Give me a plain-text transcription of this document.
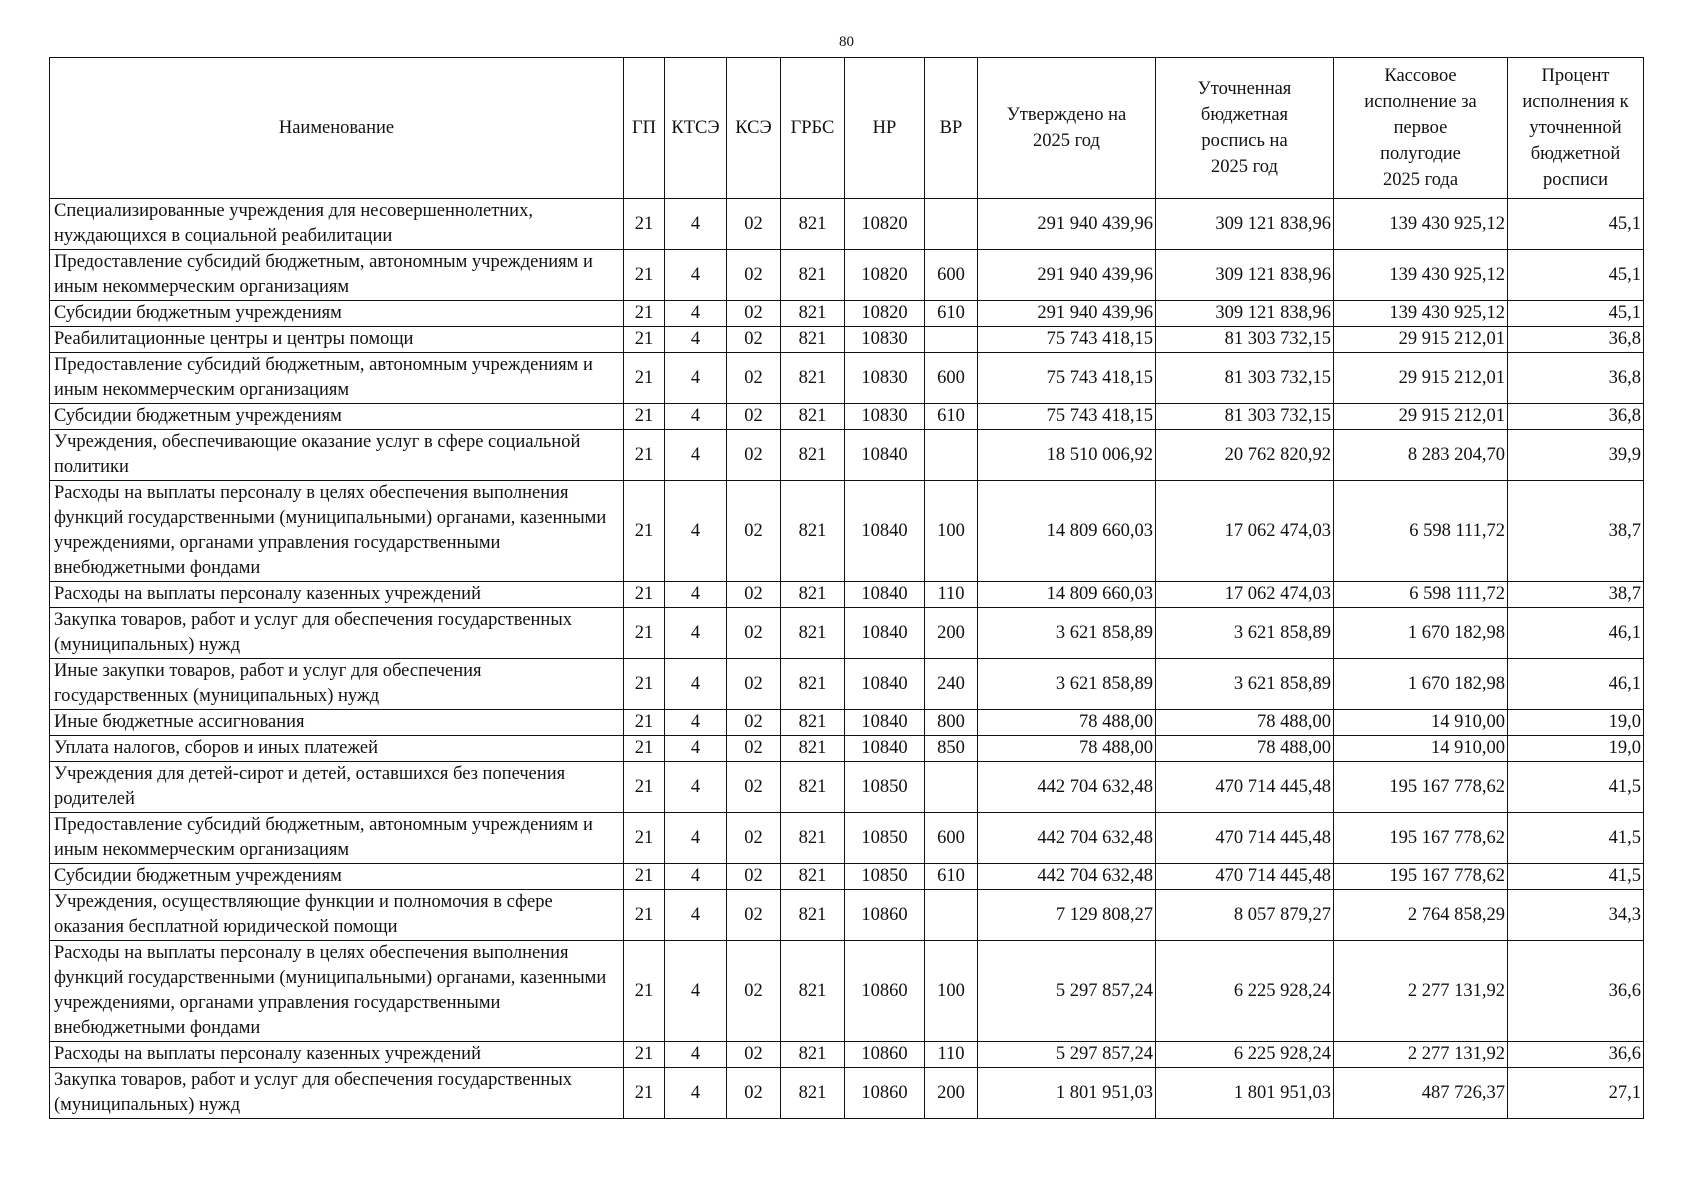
80
Наименование	ГП	КТСЭ	КСЭ	ГРБС	НР	ВР	Утверждено на 2025 год	Уточненная бюджетная роспись на 2025 год	Кассовое исполнение за первое полугодие 2025 года	Процент исполнения к уточненной бюджетной росписи
Специализированные учреждения для несовершеннолетних, нуждающихся в социальной реабилитации	21	4	02	821	10820		291 940 439,96	309 121 838,96	139 430 925,12	45,1
Предоставление субсидий бюджетным, автономным учреждениям и иным некоммерческим организациям	21	4	02	821	10820	600	291 940 439,96	309 121 838,96	139 430 925,12	45,1
Субсидии бюджетным учреждениям	21	4	02	821	10820	610	291 940 439,96	309 121 838,96	139 430 925,12	45,1
Реабилитационные центры и центры помощи	21	4	02	821	10830		75 743 418,15	81 303 732,15	29 915 212,01	36,8
Предоставление субсидий бюджетным, автономным учреждениям и иным некоммерческим организациям	21	4	02	821	10830	600	75 743 418,15	81 303 732,15	29 915 212,01	36,8
Субсидии бюджетным учреждениям	21	4	02	821	10830	610	75 743 418,15	81 303 732,15	29 915 212,01	36,8
Учреждения, обеспечивающие оказание услуг в сфере социальной политики	21	4	02	821	10840		18 510 006,92	20 762 820,92	8 283 204,70	39,9
Расходы на выплаты персоналу в целях обеспечения выполнения функций государственными (муниципальными) органами, казенными учреждениями, органами управления государственными внебюджетными фондами	21	4	02	821	10840	100	14 809 660,03	17 062 474,03	6 598 111,72	38,7
Расходы на выплаты персоналу казенных учреждений	21	4	02	821	10840	110	14 809 660,03	17 062 474,03	6 598 111,72	38,7
Закупка товаров, работ и услуг для обеспечения государственных (муниципальных) нужд	21	4	02	821	10840	200	3 621 858,89	3 621 858,89	1 670 182,98	46,1
Иные закупки товаров, работ и услуг для обеспечения государственных (муниципальных) нужд	21	4	02	821	10840	240	3 621 858,89	3 621 858,89	1 670 182,98	46,1
Иные бюджетные ассигнования	21	4	02	821	10840	800	78 488,00	78 488,00	14 910,00	19,0
Уплата налогов, сборов и иных платежей	21	4	02	821	10840	850	78 488,00	78 488,00	14 910,00	19,0
Учреждения для детей-сирот и детей, оставшихся без попечения родителей	21	4	02	821	10850		442 704 632,48	470 714 445,48	195 167 778,62	41,5
Предоставление субсидий бюджетным, автономным учреждениям и иным некоммерческим организациям	21	4	02	821	10850	600	442 704 632,48	470 714 445,48	195 167 778,62	41,5
Субсидии бюджетным учреждениям	21	4	02	821	10850	610	442 704 632,48	470 714 445,48	195 167 778,62	41,5
Учреждения, осуществляющие функции и полномочия в сфере оказания бесплатной юридической помощи	21	4	02	821	10860		7 129 808,27	8 057 879,27	2 764 858,29	34,3
Расходы на выплаты персоналу в целях обеспечения выполнения функций государственными (муниципальными) органами, казенными учреждениями, органами управления государственными внебюджетными фондами	21	4	02	821	10860	100	5 297 857,24	6 225 928,24	2 277 131,92	36,6
Расходы на выплаты персоналу казенных учреждений	21	4	02	821	10860	110	5 297 857,24	6 225 928,24	2 277 131,92	36,6
Закупка товаров, работ и услуг для обеспечения государственных (муниципальных) нужд	21	4	02	821	10860	200	1 801 951,03	1 801 951,03	487 726,37	27,1
